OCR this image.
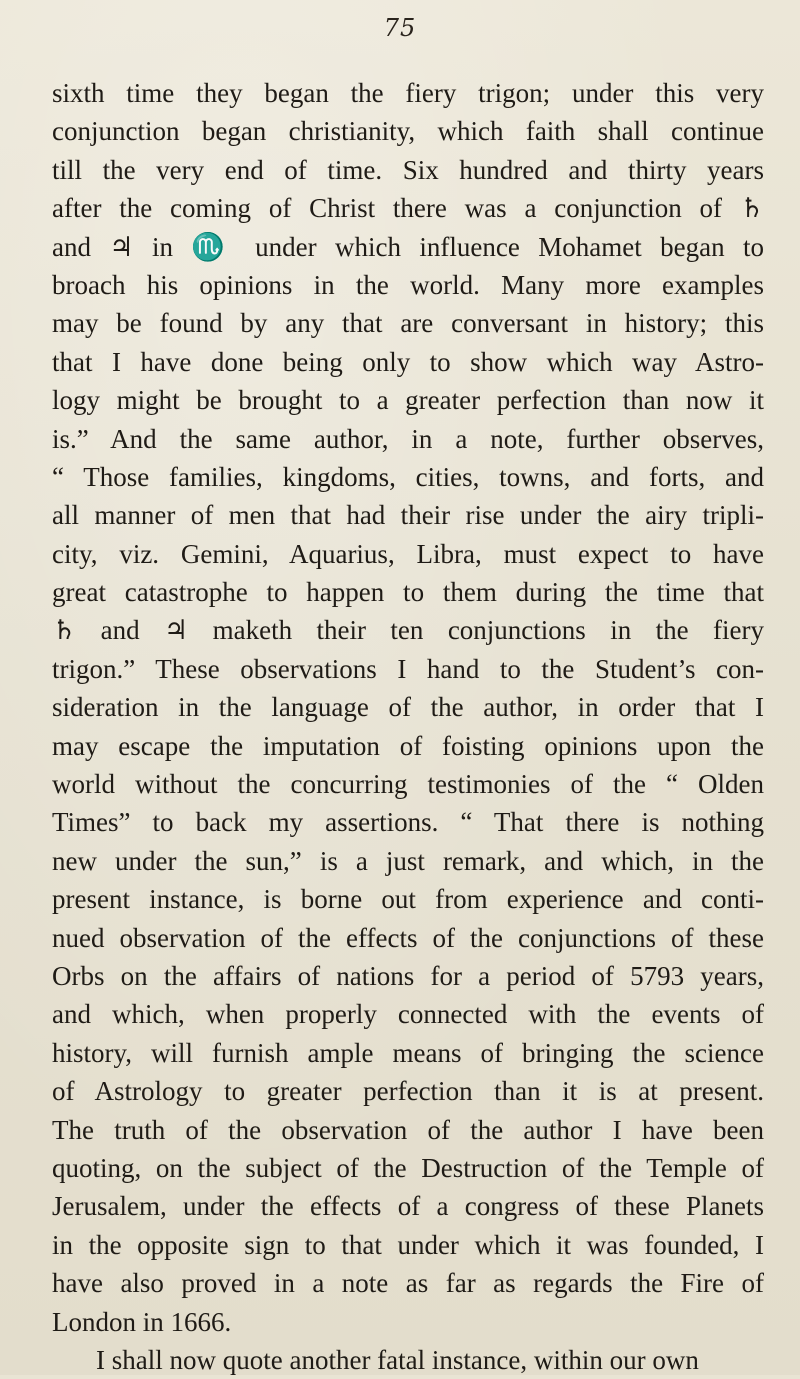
75
sixth time they began the fiery trigon; under this very
conjunction began christianity, which faith shall continue
till the very end of time. Six hundred and thirty years
after the coming of Christ there was a conjunction of ♄
and ♃ in ♏ under which influence Mohamet began to
broach his opinions in the world. Many more examples
may be found by any that are conversant in history; this
that I have done being only to show which way Astro-
logy might be brought to a greater perfection than now it
is.” And the same author, in a note, further observes,
“ Those families, kingdoms, cities, towns, and forts, and
all manner of men that had their rise under the airy tripli-
city, viz. Gemini, Aquarius, Libra, must expect to have
great catastrophe to happen to them during the time that
♄ and ♃ maketh their ten conjunctions in the fiery
trigon.” These observations I hand to the Student’s con-
sideration in the language of the author, in order that I
may escape the imputation of foisting opinions upon the
world without the concurring testimonies of the “ Olden
Times” to back my assertions. “ That there is nothing
new under the sun,” is a just remark, and which, in the
present instance, is borne out from experience and conti-
nued observation of the effects of the conjunctions of these
Orbs on the affairs of nations for a period of 5793 years,
and which, when properly connected with the events of
history, will furnish ample means of bringing the science
of Astrology to greater perfection than it is at present.
The truth of the observation of the author I have been
quoting, on the subject of the Destruction of the Temple of
Jerusalem, under the effects of a congress of these Planets
in the opposite sign to that under which it was founded, I
have also proved in a note as far as regards the Fire of
London in 1666.
I shall now quote another fatal instance, within our own
